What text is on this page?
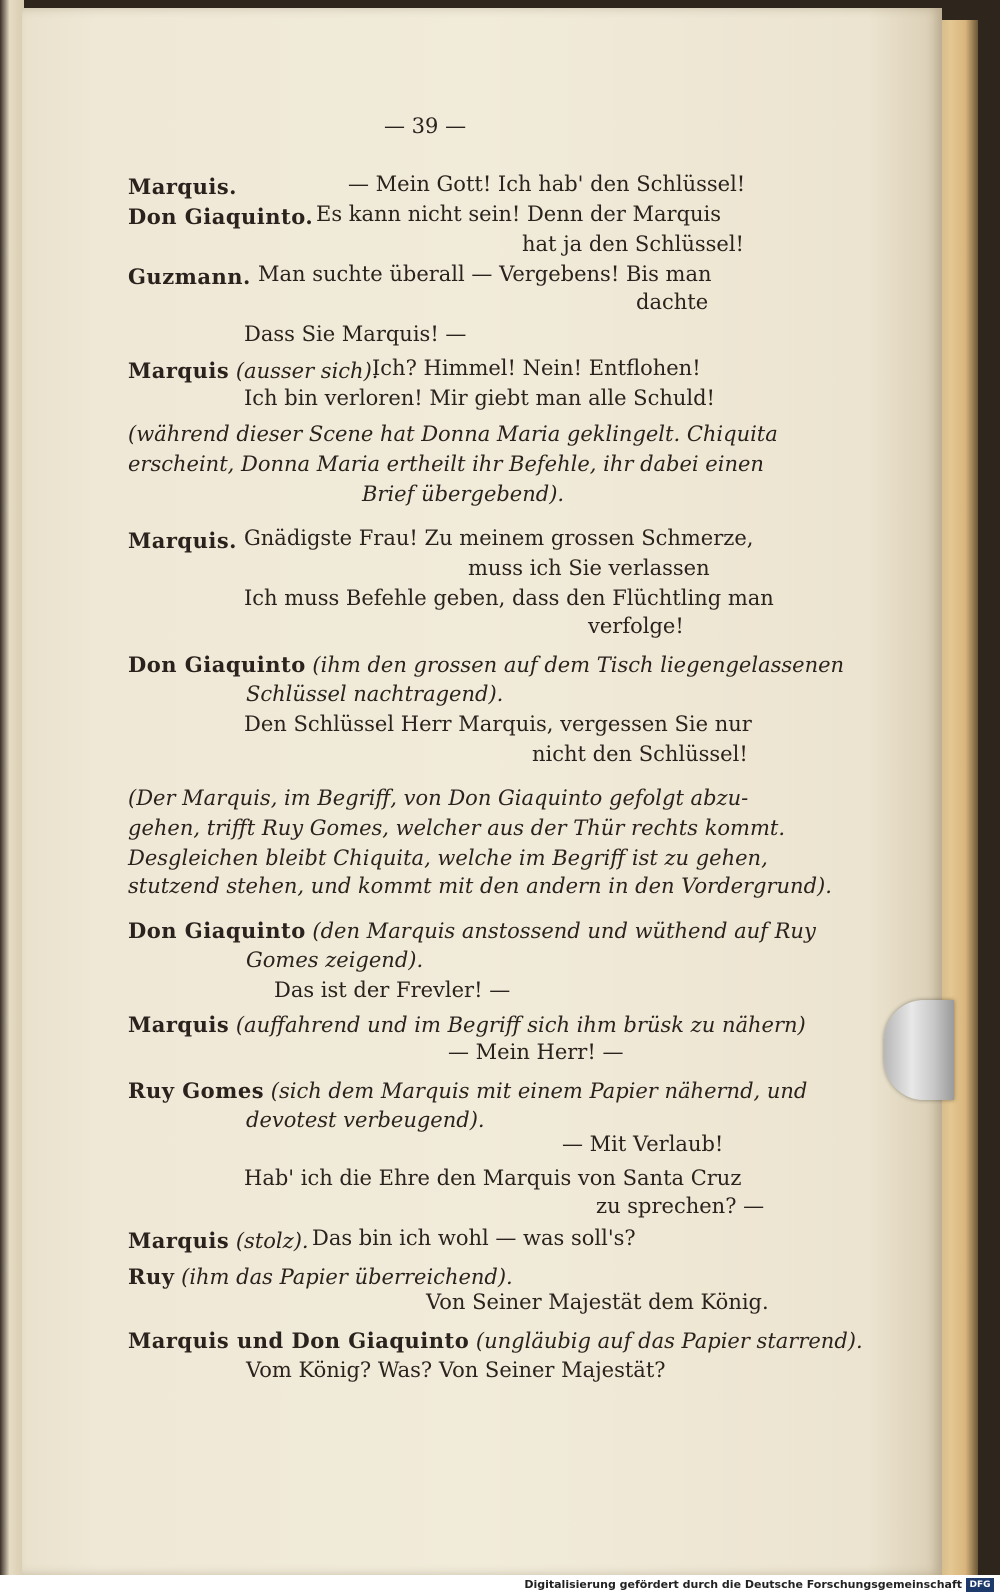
— 39 —
Marquis.	— Mein Gott! Ich hab' den Schlüssel!
Don Giaquinto. Es kann nicht sein! Denn der Marquis
hat ja den Schlüssel!
Guzmann. Man suchte überall — Vergebens! Bis man
dachte
Dass Sie Marquis! —
Marquis (ausser sich).
Ich? Himmel! Nein! Entflohen!
Ich bin verloren! Mir giebt man alle Schuld!
(während dieser Scene hat Donna Maria geklingelt. Chiquita
erscheint, Donna Maria ertheilt ihr Befehle, ihr dabei einen
Brief übergebend).
Marquis. Gnädigste Frau! Zu meinem grossen Schmerze,
muss ich Sie verlassen
Ich muss Befehle geben, dass den Flüchtling man
verfolge!
Don Giaquinto (ihm den grossen auf dem Tisch liegengelassenen
Schlüssel nachtragend).
Den Schlüssel Herr Marquis, vergessen Sie nur
nicht den Schlüssel!
(Der Marquis, im Begriff, von Don Giaquinto gefolgt abzu-
gehen, trifft Ruy Gomes, welcher aus der Thür rechts kommt.
Desgleichen bleibt Chiquita, welche im Begriff ist zu gehen,
stutzend stehen, und kommt mit den andern in den Vordergrund).
Don Giaquinto (den Marquis anstossend und wüthend auf Ruy
Gomes zeigend).
Das ist der Frevler! —
Marquis (auffahrend und im Begriff sich ihm brüsk zu nähern)
— Mein Herr! —
Ruy Gomes (sich dem Marquis mit einem Papier nähernd, und
devotest verbeugend).
— Mit Verlaub!
Hab' ich die Ehre den Marquis von Santa Cruz
zu sprechen? —
Marquis (stolz). Das bin ich wohl — was soll's?
Ruy (ihm das Papier überreichend).
Von Seiner Majestät dem König.
Marquis und Don Giaquinto (ungläubig auf das Papier starrend).
Vom König? Was? Von Seiner Majestät?
Digitalisierung gefördert durch die Deutsche Forschungsgemeinschaft DFG
